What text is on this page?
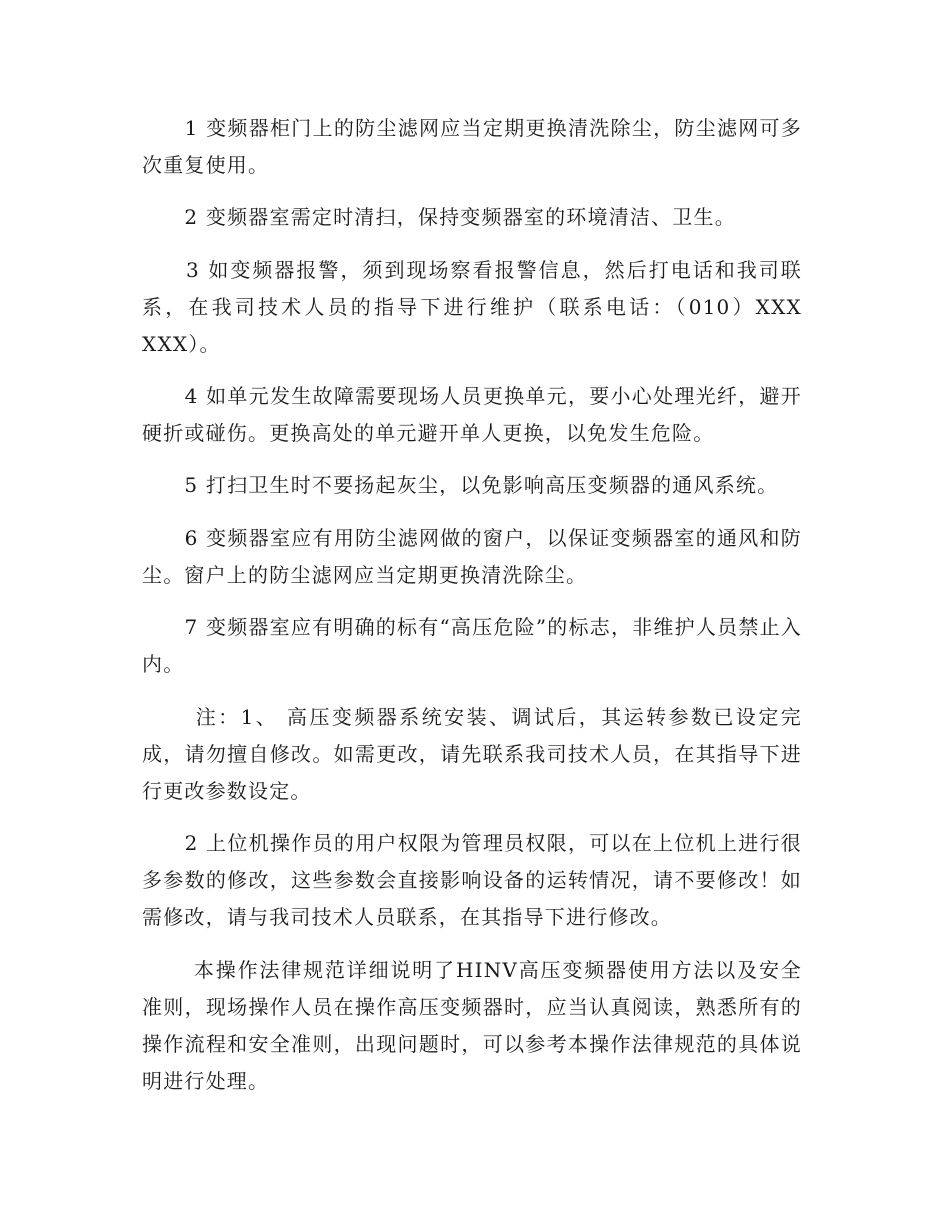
　　1 变频器柜门上的防尘滤网应当定期更换清洗除尘，防尘滤网可多次重复使用。
　　2 变频器室需定时清扫，保持变频器室的环境清洁、卫生。
　　3 如变频器报警，须到现场察看报警信息，然后打电话和我司联系，在我司技术人员的指导下进行维护（联系电话：（010）XXX XXX）。
　　4 如单元发生故障需要现场人员更换单元，要小心处理光纤，避开硬折或碰伤。更换高处的单元避开单人更换，以免发生危险。
　　5 打扫卫生时不要扬起灰尘，以免影响高压变频器的通风系统。
　　6 变频器室应有用防尘滤网做的窗户，以保证变频器室的通风和防尘。窗户上的防尘滤网应当定期更换清洗除尘。
　　7 变频器室应有明确的标有“高压危险”的标志，非维护人员禁止入内。
　　 注：1、 高压变频器系统安装、调试后，其运转参数已设定完成，请勿擅自修改。如需更改，请先联系我司技术人员，在其指导下进行更改参数设定。
　　2 上位机操作员的用户权限为管理员权限，可以在上位机上进行很多参数的修改，这些参数会直接影响设备的运转情况，请不要修改！如需修改，请与我司技术人员联系，在其指导下进行修改。
　　 本操作法律规范详细说明了HINV高压变频器使用方法以及安全准则，现场操作人员在操作高压变频器时，应当认真阅读，熟悉所有的操作流程和安全准则，出现问题时，可以参考本操作法律规范的具体说明进行处理。
